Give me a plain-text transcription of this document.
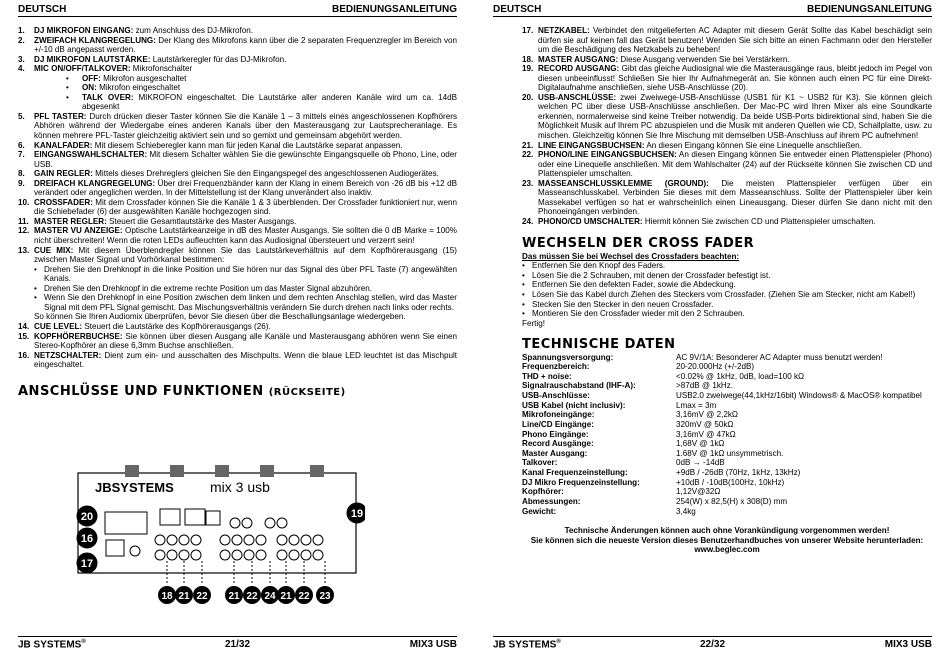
DEUTSCH	BEDIENUNGSANLEITUNG
1. DJ MIKROFON EINGANG: zum Anschluss des DJ-Mikrofon.
2. ZWEIFACH KLANGREGELUNG: Der Klang des Mikrofons kann über die 2 separaten Frequenzregler im Bereich von +/-10 dB angepasst werden.
3. DJ MIKROFON LAUTSTÄRKE: Lautstärkeregler für das DJ-Mikrofon.
4. MIC ON/OFF/TALKOVER: Mikrofonschalter
• OFF: Mikrofon ausgeschaltet
• ON: Mikrofon eingeschaltet
• TALK OVER: MIKROFON eingeschaltet. Die Lautstärke aller anderen Kanäle wird um ca. 14dB abgesenkt
5. PFL TASTER: Durch drücken dieser Taster können Sie die Kanäle 1 – 3 mittels eines angeschlossenen Kopfhörers Abhören während der Wiedergabe eines anderen Kanals über den Masterausgang zur Lautsprecheranlage. Es können mehrere PFL-Taster gleichzeitig aktiviert sein und so gemixt und gemeinsam abgehört werden.
6. KANALFADER: Mit diesem Schieberegler kann man für jeden Kanal die Lautstärke separat anpassen.
7. EINGANGSWAHLSCHALTER: Mit diesem Schalter wählen Sie die gewünschte Eingangsquelle ob Phono, Line, oder USB.
8. GAIN REGLER: Mittels dieses Drehreglers gleichen Sie den Eingangspegel des angeschlossenen Audiogerätes.
9. DREIFACH KLANGREGELUNG: Über drei Frequenzbänder kann der Klang in einem Bereich von -26 dB bis +12 dB verändert oder angeglichen werden. In der Mittelstellung ist der Klang unverändert also inaktiv.
10. CROSSFADER: Mit dem Crossfader können Sie die Kanäle 1 & 3 überblenden. Der Crossfader funktioniert nur, wenn die Schiebefader (6) der ausgewählten Kanäle hochgezogen sind.
11. MASTER REGLER: Steuert die Gesamtlautstärke des Master Ausgangs.
12. MASTER VU ANZEIGE: Optische Lautstärkeanzeige in dB des Master Ausgangs. Sie sollten die 0 dB Marke = 100% nicht überschreiten! Wenn die roten LEDs aufleuchten kann das Audiosignal übersteuert und verzerrt sein!
13. CUE MIX: Mit diesem Überblendregler können Sie das Lautstärkeverhältnis auf dem Kopfhörerausgang (15) zwischen Master Signal und Vorhörkanal bestimmen:
• Drehen Sie den Drehknopf in die linke Position und Sie hören nur das Signal des über PFL Taste (7) angewählten Kanals.
• Drehen Sie den Drehknopf in die extreme rechte Position um das Master Signal abzuhören.
• Wenn Sie den Drehknopf in eine Position zwischen dem linken und dem rechten Anschlag stellen, wird das Master Signal mit dem PFL Signal gemischt. Das Mischungsverhältnis verändern Sie durch drehen nach links oder rechts.
So können Sie Ihren Audiomix überprüfen, bevor Sie diesen über die Beschallungsanlage wiedergeben.
14. CUE LEVEL: Steuert die Lautstärke des Kopfhörerausgangs (26).
15. KOPFHÖRERBUCHSE: Sie können über diesen Ausgang alle Kanäle und Masterausgang abhören wenn Sie einen Stereo-Kopfhörer an diese 6,3mm Buchse anschließen.
16. NETZSCHALTER: Dient zum ein- und ausschalten des Mischpults. Wenn die blaue LED leuchtet ist das Mischpult eingeschaltet.
ANSCHLÜSSE UND FUNKTIONEN (RÜCKSEITE)
JBSYSTEMS	mix 3 usb
20
16
17
19
18 21 22 21 22 24 21 22 23
JB SYSTEMS®	21/32	MIX3 USB
DEUTSCH	BEDIENUNGSANLEITUNG
JB SYSTEMS®	22/32	MIX3 USB
17. NETZKABEL: Verbindet den mitgelieferten AC Adapter mit diesem Gerät Sollte das Kabel beschädigt sein dürfen sie auf keinen fall das Gerät benutzen! Wenden Sie sich bitte an einen Fachmann oder den Hersteller um die Beschädigung des Netzkabels zu beheben!
18. MASTER AUSGANG: Diese Ausgang verwenden Sie bei Verstärkern.
19. RECORD AUSGANG: Gibt das gleiche Audiosignal wie die Masterausgänge raus, bleibt jedoch im Pegel von diesen unbeeinflusst! Schließen Sie hier Ihr Aufnahmegerät an. Sie können auch einen PC für eine Direkt-Digitalaufnahme anschließen, siehe USB-Anschlüsse (20).
20. USB-ANSCHLÜSSE: zwei Zweiwege-USB-Anschlüsse (USB1 für K1 ~ USB2 für K3). Sie können gleich welchen PC über diese USB-Anschlüsse anschließen. Der Mac-PC wird Ihren Mixer als eine Soundkarte erkennen, normalerweise sind keine Treiber notwendig. Da beide USB-Ports bidirektional sind, haben Sie die Möglichkeit Musik auf Ihrem PC abzuspielen und die Musik mit anderen Quellen wie CD, Schallplatte, usw. zu mischen. Gleichzeitig können Sie Ihre Mischung mit demselben USB-Anschluss auf ihrem PC aufnehmen!
21. LINE EINGANGSBUCHSEN: An diesen Eingang können Sie eine Linequelle anschließen.
22. PHONO/LINE EINGANGSBUCHSEN: An diesen Eingang können Sie entweder einen Plattenspieler (Phono) oder eine Linequelle anschließen. Mit dem Wahlschalter (24) auf der Rückseite können Sie zwischen CD und Plattenspieler umschalten.
23. MASSEANSCHLUSSKLEMME (GROUND): Die meisten Plattenspieler verfügen über ein Masseanschlusskabel. Verbinden Sie dieses mit dem Masseanschluss. Sollte der Plattenspieler über kein Massekabel verfügen so hat er wahrscheinlich einen Lineausgang. Dieser dürfen Sie dann nicht mit den Phonoeingängen verbinden.
24. PHONO/CD UMSCHALTER: Hiermit können Sie zwischen CD und Plattenspieler umschalten.
WECHSELN DER CROSS FADER
Das müssen Sie bei Wechsel des Crossfaders beachten:
• Entfernen Sie den Knopf des Faders.
• Lösen Sie die 2 Schrauben, mit denen der Crossfader befestigt ist.
• Entfernen Sie den defekten Fader, sowie die Abdeckung.
• Lösen Sie das Kabel durch Ziehen des Steckers vom Crossfader. (Ziehen Sie am Stecker, nicht am Kabel!)
• Stecken Sie den Stecker in den neuen Crossfader.
• Montieren Sie den Crossfader wieder mit den 2 Schrauben.
Fertig!
TECHNISCHE DATEN
Spannungsversorgung:	AC 9V/1A: Besonderer AC Adapter muss benutzt werden!
Frequenzbereich:	20-20.000Hz (+/-2dB)
THD + noise:	<0.02% @ 1kHz, 0dB, load=100 kΩ
Signalrauschabstand (IHF-A):	>87dB @ 1kHz.
USB-Anschlüsse:	USB2.0 zweiwege(44,1kHz/16bit) Windows® & MacOS® kompatibel
USB Kabel (nicht inclusiv):	Lmax = 3m
Mikrofoneingänge:	3,16mV @ 2,2kΩ
Line/CD Eingänge:	320mV @ 50kΩ
Phono Eingänge:	3,16mV @ 47kΩ
Record Ausgänge:	1,68V @ 1kΩ
Master Ausgang:	1.68V @ 1kΩ unsymmetrisch.
Talkover:	0dB → -14dB
Kanal Frequenzeinstellung:	+9dB / -26dB (70Hz, 1kHz, 13kHz)
DJ Mikro Frequenzeinstellung:	+10dB / -10dB(100Hz, 10kHz)
Kopfhörer:	1,12V@32Ω
Abmessungen:	254(W) x 82,5(H) x 308(D) mm
Gewicht:	3,4kg
Technische Änderungen können auch ohne Vorankündigung vorgenommen werden!
Sie können sich die neueste Version dieses Benutzerhandbuches von unserer Website herunterladen: www.beglec.com
